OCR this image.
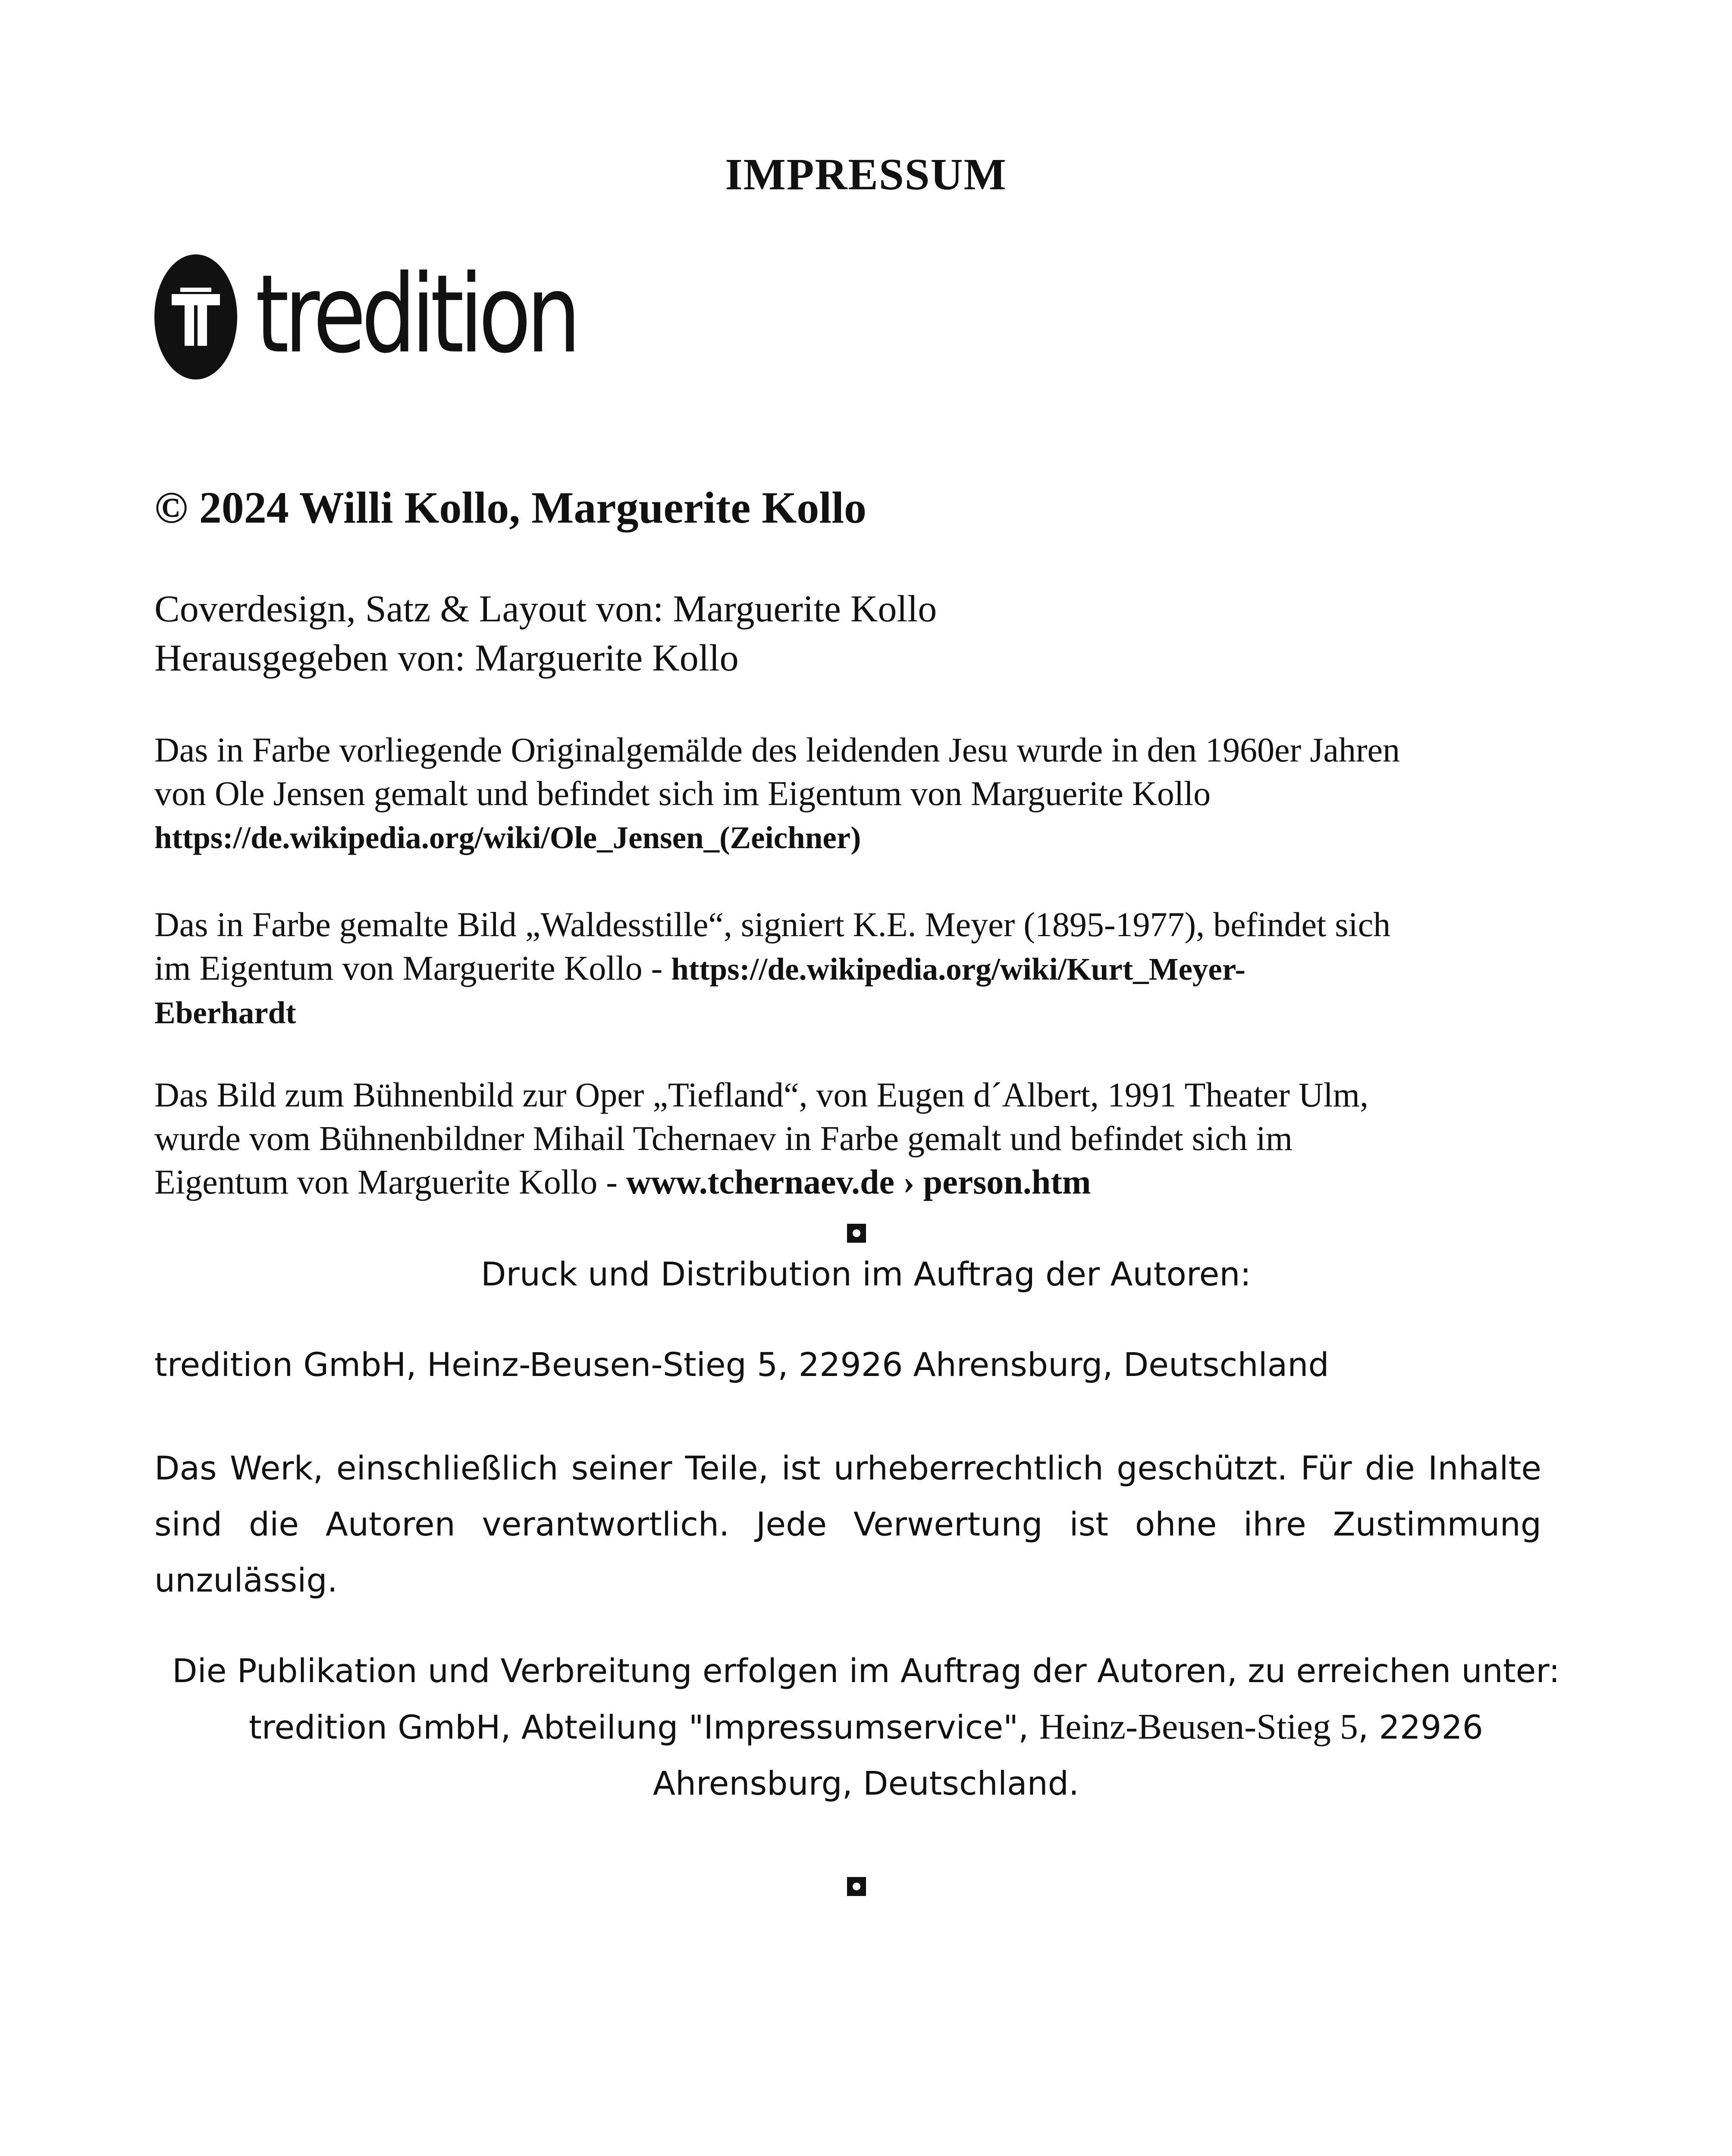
IMPRESSUM
tredition
© 2024 Willi Kollo, Marguerite Kollo
Coverdesign, Satz & Layout von: Marguerite Kollo
Herausgegeben von: Marguerite Kollo
Das in Farbe vorliegende Originalgemälde des leidenden Jesu wurde in den 1960er Jahren
von Ole Jensen gemalt und befindet sich im Eigentum von Marguerite Kollo
https://de.wikipedia.org/wiki/Ole_Jensen_(Zeichner)
Das in Farbe gemalte Bild „Waldesstille“, signiert K.E. Meyer (1895-1977), befindet sich
im Eigentum von Marguerite Kollo - https://de.wikipedia.org/wiki/Kurt_Meyer-
Eberhardt
Das Bild zum Bühnenbild zur Oper „Tiefland“, von Eugen d´Albert, 1991 Theater Ulm,
wurde vom Bühnenbildner Mihail Tchernaev in Farbe gemalt und befindet sich im
Eigentum von Marguerite Kollo - www.tchernaev.de › person.htm
Druck und Distribution im Auftrag der Autoren:
tredition GmbH, Heinz-Beusen-Stieg 5, 22926 Ahrensburg, Deutschland
Das Werk, einschließlich seiner Teile, ist urheberrechtlich geschützt. Für die Inhalte
sind die Autoren verantwortlich. Jede Verwertung ist ohne ihre Zustimmung
unzulässig.
Die Publikation und Verbreitung erfolgen im Auftrag der Autoren, zu erreichen unter:
tredition GmbH, Abteilung "Impressumservice", Heinz-Beusen-Stieg 5, 22926
Ahrensburg, Deutschland.
